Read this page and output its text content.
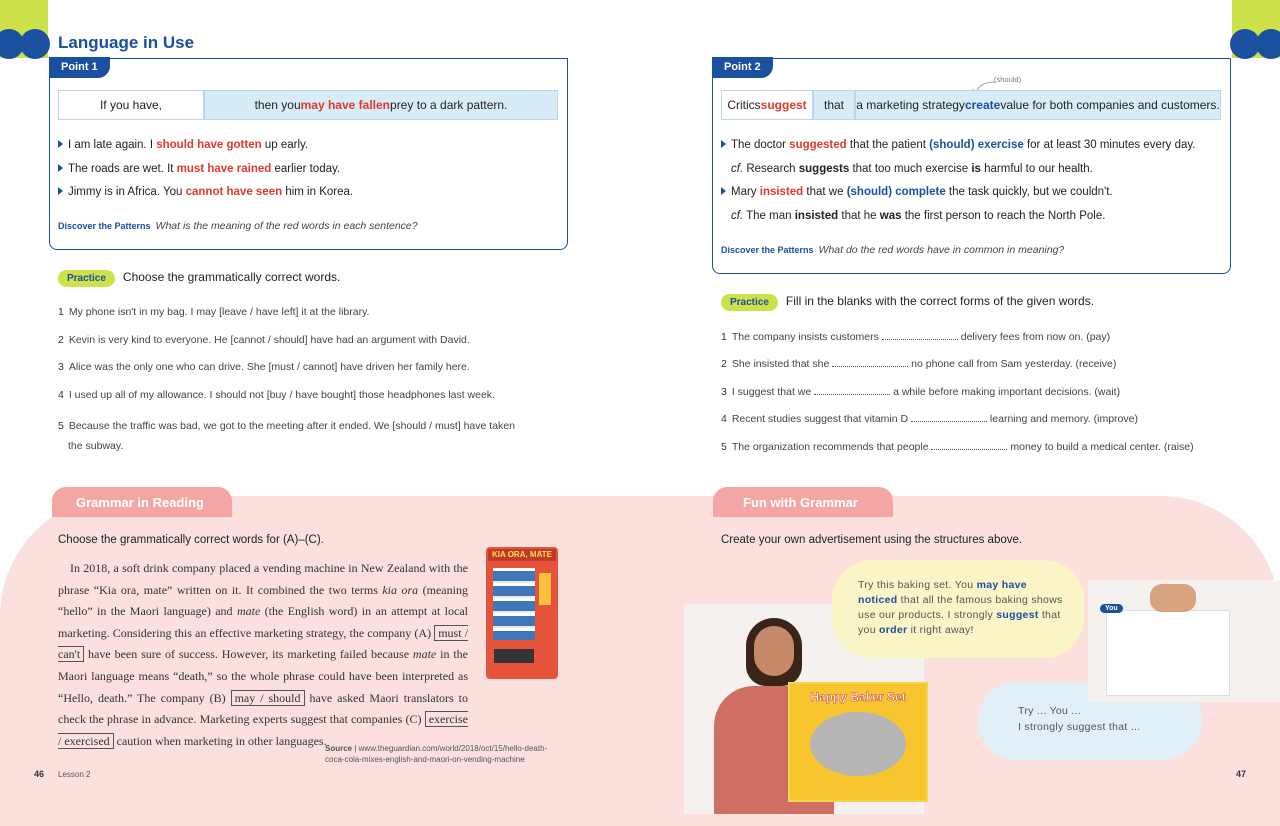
Language in Use
Point 1
If you have,	then you may have fallen prey to a dark pattern.
I am late again. I should have gotten up early.
The roads are wet. It must have rained earlier today.
Jimmy is in Africa. You cannot have seen him in Korea.
Discover the Patterns What is the meaning of the red words in each sentence?
Point 2
(should)
Critics suggest	that	a marketing strategy create value for both companies and customers.
The doctor suggested that the patient (should) exercise for at least 30 minutes every day.
cf. Research suggests that too much exercise is harmful to our health.
Mary insisted that we (should) complete the task quickly, but we couldn't.
cf. The man insisted that he was the first person to reach the North Pole.
Discover the Patterns What do the red words have in common in meaning?
Practice Choose the grammatically correct words.
1 My phone isn't in my bag. I may [leave / have left] it at the library.
2 Kevin is very kind to everyone. He [cannot / should] have had an argument with David.
3 Alice was the only one who can drive. She [must / cannot] have driven her family here.
4 I used up all of my allowance. I should not [buy / have bought] those headphones last week.
5 Because the traffic was bad, we got to the meeting after it ended. We [should / must] have taken
the subway.
Practice Fill in the blanks with the correct forms of the given words.
1 The company insists customers	delivery fees from now on. (pay)
2 She insisted that she	no phone call from Sam yesterday. (receive)
3 I suggest that we	a while before making important decisions. (wait)
4 Recent studies suggest that vitamin D	learning and memory. (improve)
5 The organization recommends that people	money to build a medical center. (raise)
Grammar in Reading
Choose the grammatically correct words for (A)–(C).
In 2018, a soft drink company placed a vending machine in New Zealand with the phrase “Kia ora, mate” written on it. It combined the two terms kia ora (meaning “hello” in the Maori language) and mate (the English word) in an attempt at local marketing. Considering this an effective marketing strategy, the company (A) must / can't have been sure of success. However, its marketing failed because mate in the Maori language means “death,” so the whole phrase could have been interpreted as “Hello, death.” The company (B) may / should have asked Maori translators to check the phrase in advance. Marketing experts suggest that companies (C) exercise / exercised caution when marketing in other languages.
KIA ORA, MATE
Source | www.theguardian.com/world/2018/oct/15/hello-death-coca-cola-mixes-english-and-maori-on-vending-machine
Fun with Grammar
Create your own advertisement using the structures above.
Happy Baker Set
Try this baking set. You may have noticed that all the famous baking shows use our products. I strongly suggest that you order it right away!
Try ... You ...
I strongly suggest that ...
You
46 Lesson 2	47
